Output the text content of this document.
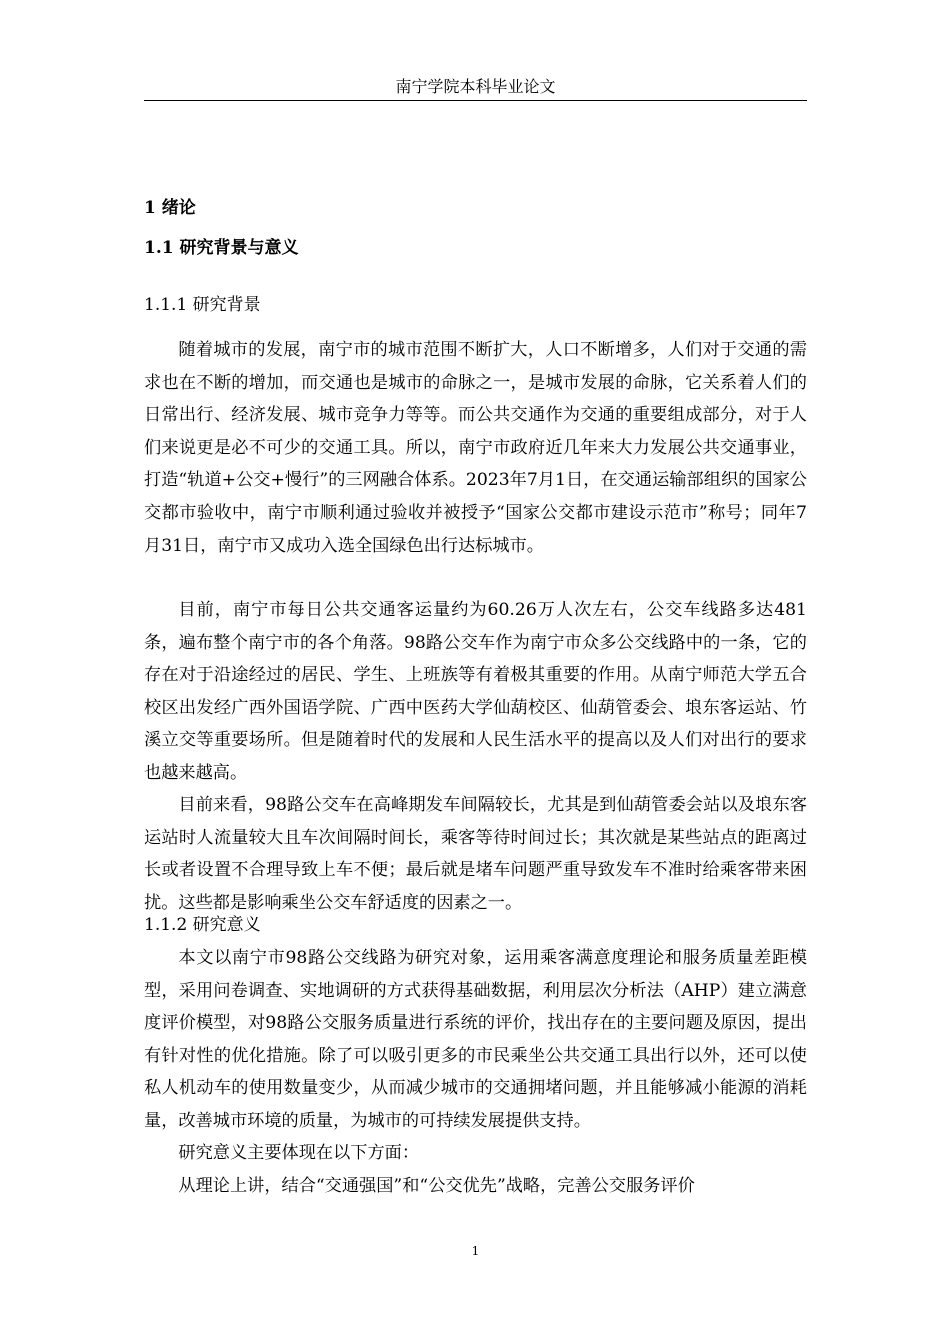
南宁学院本科毕业论文
1 绪论
1.1 研究背景与意义
1.1.1 研究背景

随着城市的发展，南宁市的城市范围不断扩大，人口不断增多，人们对于交通的需求也在不断的增加，而交通也是城市的命脉之一，是城市发展的命脉，它关系着人们的日常出行、经济发展、城市竞争力等等。而公共交通作为交通的重要组成部分，对于人们来说更是必不可少的交通工具。所以，南宁市政府近几年来大力发展公共交通事业，打造“轨道+公交+慢行”的三网融合体系。2023年7月1日，在交通运输部组织的国家公交都市验收中，南宁市顺利通过验收并被授予“国家公交都市建设示范市”称号；同年7月31日，南宁市又成功入选全国绿色出行达标城市。

目前，南宁市每日公共交通客运量约为60.26万人次左右，公交车线路多达481条，遍布整个南宁市的各个角落。98路公交车作为南宁市众多公交线路中的一条，它的存在对于沿途经过的居民、学生、上班族等有着极其重要的作用。从南宁师范大学五合校区出发经广西外国语学院、广西中医药大学仙葫校区、仙葫管委会、埌东客运站、竹溪立交等重要场所。但是随着时代的发展和人民生活水平的提高以及人们对出行的要求也越来越高。

目前来看，98路公交车在高峰期发车间隔较长，尤其是到仙葫管委会站以及埌东客运站时人流量较大且车次间隔时间长，乘客等待时间过长；其次就是某些站点的距离过长或者设置不合理导致上车不便；最后就是堵车问题严重导致发车不准时给乘客带来困扰。这些都是影响乘坐公交车舒适度的因素之一。

1.1.2 研究意义

本文以南宁市98路公交线路为研究对象，运用乘客满意度理论和服务质量差距模型，采用问卷调查、实地调研的方式获得基础数据，利用层次分析法（AHP）建立满意度评价模型，对98路公交服务质量进行系统的评价，找出存在的主要问题及原因，提出有针对性的优化措施。除了可以吸引更多的市民乘坐公共交通工具出行以外，还可以使私人机动车的使用数量变少，从而减少城市的交通拥堵问题，并且能够减小能源的消耗量，改善城市环境的质量，为城市的可持续发展提供支持。

研究意义主要体现在以下方面：

从理论上讲，结合“交通强国”和“公交优先”战略，完善公交服务评价

1
